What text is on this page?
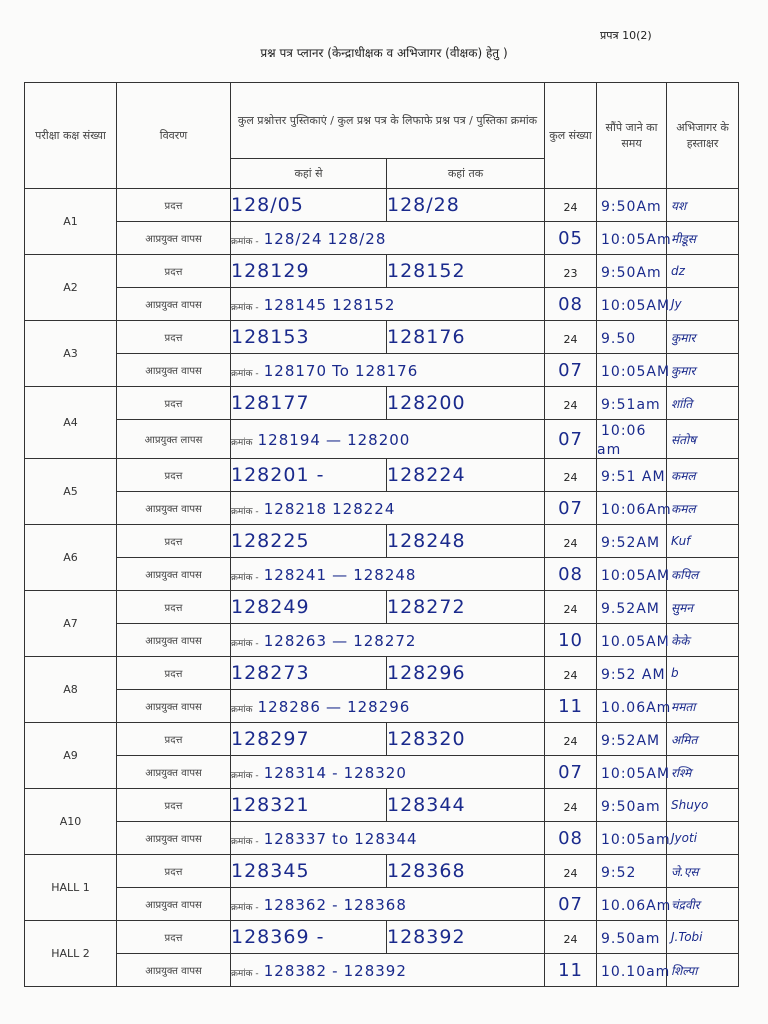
प्रपत्र 10(2)
प्रश्न पत्र प्लानर (केन्द्राधीक्षक व अभिजागर (वीक्षक) हेतु )
परीक्षा कक्ष संख्या	विवरण	कुल प्रश्नोत्तर पुस्तिकाएं / कुल प्रश्न पत्र के लिफाफे प्रश्न पत्र / पुस्तिका क्रमांक		कुल संख्या	सौंपे जाने का समय	अभिजागर के हस्ताक्षर
		कहां से	कहां तक			
A1	प्रदत्त	128/05	128/28	24	9:50Am	यश

	आप्रयुक्त वापस	क्रमांक - 128/24 128/28		05	10:05Am	मीडूस

A2	प्रदत्त	128129	128152	23	9:50Am	dz

	आप्रयुक्त वापस	क्रमांक - 128145 128152		08	10:05AM	Jy

A3	प्रदत्त	128153	128176	24	9.50	कुमार

	आप्रयुक्त वापस	क्रमांक - 128170 To 128176		07	10:05AM	कुमार

A4	प्रदत्त	128177	128200	24	9:51am	शांति

	आप्रयुक्त लापस	क्रमांक 128194 — 128200		07	10:06 am	संतोष

A5	प्रदत्त	128201 -	128224	24	9:51 AM	कमल

	आप्रयुक्त वापस	क्रमांक - 128218 128224		07	10:06Am	कमल

A6	प्रदत्त	128225	128248	24	9:52AM	Kuf

	आप्रयुक्त वापस	क्रमांक - 128241 — 128248		08	10:05AM	कपिल

A7	प्रदत्त	128249	128272	24	9.52AM	सुमन

	आप्रयुक्त वापस	क्रमांक - 128263 — 128272		10	10.05AM	केके

A8	प्रदत्त	128273	128296	24	9:52 AM	b

	आप्रयुक्त वापस	क्रमांक 128286 — 128296		11	10.06Am	ममता

A9	प्रदत्त	128297	128320	24	9:52AM	अमित

	आप्रयुक्त वापस	क्रमांक - 128314 - 128320		07	10:05AM	रश्मि

A10	प्रदत्त	128321	128344	24	9:50am	Shuyo

	आप्रयुक्त वापस	क्रमांक - 128337 to 128344		08	10:05am	Jyoti

HALL 1	प्रदत्त	128345	128368	24	9:52	जे.एस

	आप्रयुक्त वापस	क्रमांक - 128362 - 128368		07	10.06Am	चंद्रवीर

HALL 2	प्रदत्त	128369 -	128392	24	9.50am	J.Tobi

	आप्रयुक्त वापस	क्रमांक - 128382 - 128392		11	10.10am	शिल्पा
